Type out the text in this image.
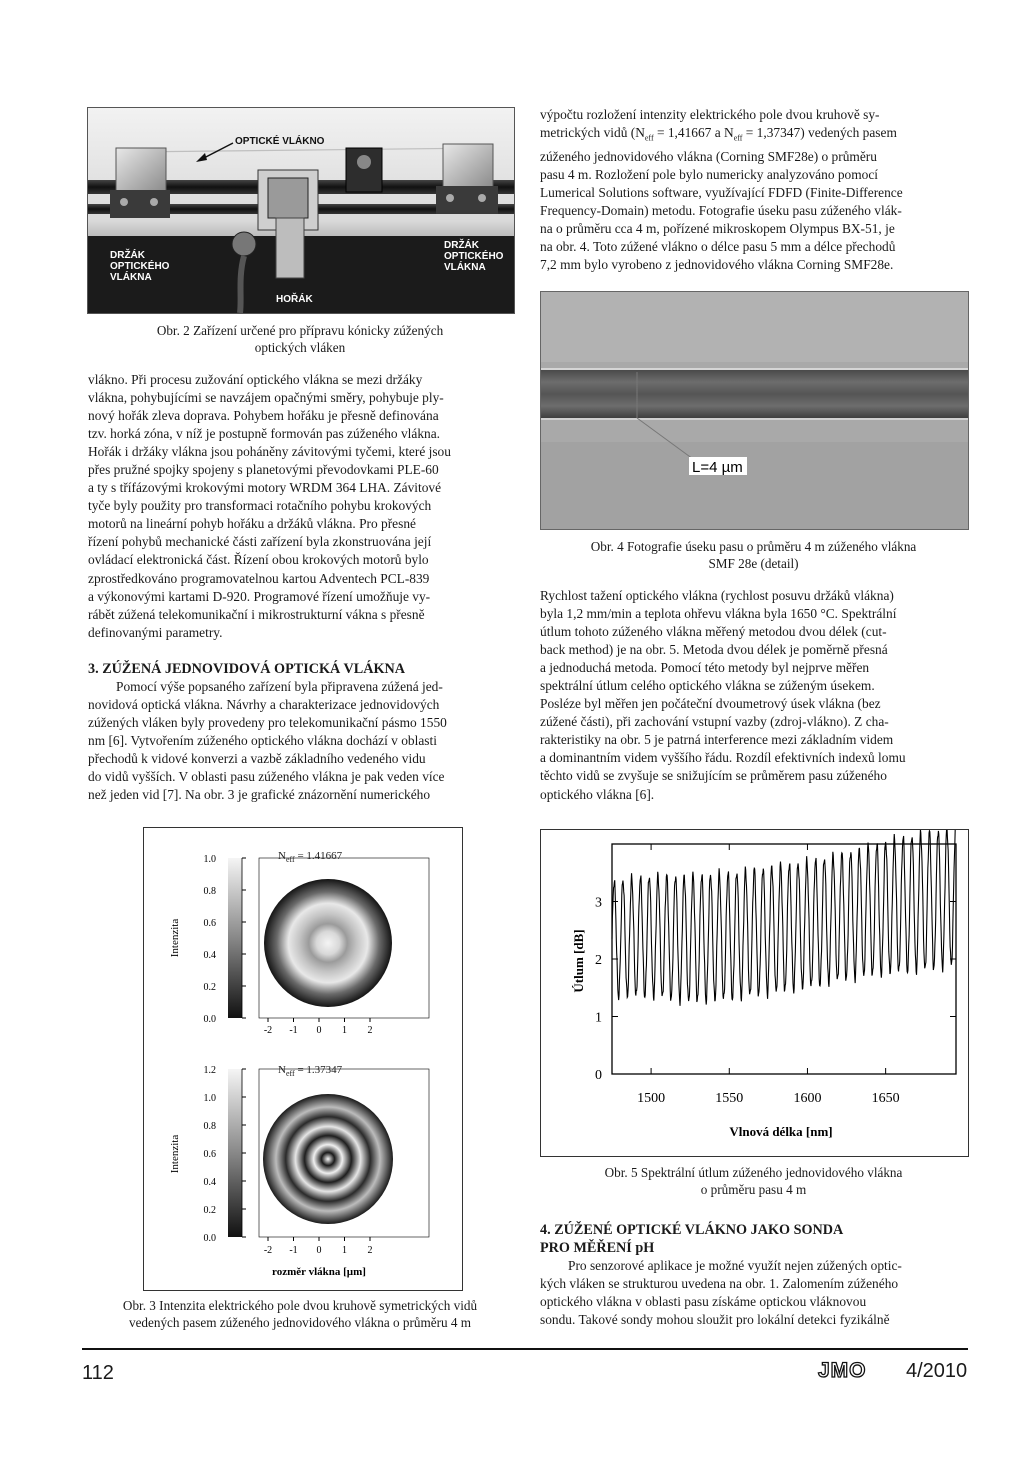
OPTICKÉ VLÁKNO
DRŽÁK
OPTICKÉHO
VLÁKNA
DRŽÁK
OPTICKÉHO
VLÁKNA
HOŘÁK
Obr. 2 Zařízení určené pro přípravu kónicky zúžených
optických vláken

výpočtu rozložení intenzity elektrického pole dvou kruhově sy-
metrických vidů ($N_{eff} = 1,41667$ a $N_{eff} = 1,37347$) vedených pasem
zúženého jednovidového vlákna (Corning SMF28e) o průměru
pasu 4 m. Rozložení pole bylo numericky analyzováno pomocí
Lumerical Solutions software, využívající FDFD (Finite-Difference
Frequency-Domain) metodu. Fotografie úseku pasu zúženého vlák-
na o průměru cca 4 m, pořízené mikroskopem Olympus BX-51, je
na obr. 4. Toto zúžené vlákno o délce pasu 5 mm a délce přechodů
7,2 mm bylo vyrobeno z jednovidového vlákna Corning SMF28e.

L=4 µm
Obr. 4 Fotografie úseku pasu o průměru 4 m zúženého vlákna
SMF 28e (detail)

vlákno. Při procesu zužování optického vlákna se mezi držáky
vlákna, pohybujícími se navzájem opačnými směry, pohybuje ply-
nový hořák zleva doprava. Pohybem hořáku je přesně definována
tzv. horká zóna, v níž je postupně formován pas zúženého vlákna.
Hořák i držáky vlákna jsou poháněny závitovými tyčemi, které jsou
přes pružné spojky spojeny s planetovými převodovkami PLE-60
a ty s třífázovými krokovými motory WRDM 364 LHA. Závitové
tyče byly použity pro transformaci rotačního pohybu krokových
motorů na lineární pohyb hořáku a držáků vlákna. Pro přesné
řízení pohybů mechanické části zařízení byla zkonstruována její
ovládací elektronická část. Řízení obou krokových motorů bylo
zprostředkováno programovatelnou kartou Adventech PCL-839
a výkonovými kartami D-920. Programové řízení umožňuje vy-
rábět zúžená telekomunikační i mikrostrukturní vákna s přesně
definovanými parametry.

3. ZÚŽENÁ JEDNOVIDOVÁ OPTICKÁ VLÁKNA

Pomocí výše popsaného zařízení byla připravena zúžená jed-
novidová optická vlákna. Návrhy a charakterizace jednovidových
zúžených vláken byly provedeny pro telekomunikační pásmo 1550
nm [6]. Vytvořením zúženého optického vlákna dochází v oblasti
přechodů k vidové konverzi a vazbě základního vedeného vidu
do vidů vyšších. V oblasti pasu zúženého vlákna je pak veden více
než jeden vid [7]. Na obr. 3 je grafické znázornění numerického

Rychlost tažení optického vlákna (rychlost posuvu držáků vlákna)
byla 1,2 mm/min a teplota ohřevu vlákna byla 1650 °C. Spektrální
útlum tohoto zúženého vlákna měřený metodou dvou délek (cut-
back method) je na obr. 5. Metoda dvou délek je poměrně přesná
a jednoduchá metoda. Pomocí této metody byl nejprve měřen
spektrální útlum celého optického vlákna se zúženým úsekem.
Posléze byl měřen jen počáteční dvoumetrový úsek vlákna (bez
zúžené části), při zachování vstupní vazby (zdroj-vlákno). Z cha-
rakteristiky na obr. 5 je patrná interference mezi základním videm
a dominantním videm vyššího řádu. Rozdíl efektivních indexů lomu
těchto vidů se zvyšuje se snižujícím se průměrem pasu zúženého
optického vlákna [6].

1.0
0.8
0.6
0.4
0.2
0.0
$N_{eff} = 1.41667$
-2 -1 0 1 2
Intenzita
1.2
1.0
0.8
0.6
0.4
0.2
0.0
$N_{eff} = 1.37347$
-2 -1 0 1 2
Intenzita
rozměr vlákna [µm]
Obr. 3 Intenzita elektrického pole dvou kruhově symetrických vidů
vedených pasem zúženého jednovidového vlákna o průměru 4 m
1500	1550	1600	1650
0
1
2
3
Vlnová délka [nm]
Útlum [dB]
Obr. 5 Spektrální útlum zúženého jednovidového vlákna
o průměru pasu 4 m
4. ZÚŽENÉ OPTICKÉ VLÁKNO JAKO SONDA
PRO MĚŘENÍ pH

Pro senzorové aplikace je možné využít nejen zúžených optic-
kých vláken se strukturou uvedena na obr. 1. Zalomením zúženého
optického vlákna v oblasti pasu získáme optickou vláknovou
sondu. Takové sondy mohou sloužit pro lokální detekci fyzikálně

112	JMO 4/2010
